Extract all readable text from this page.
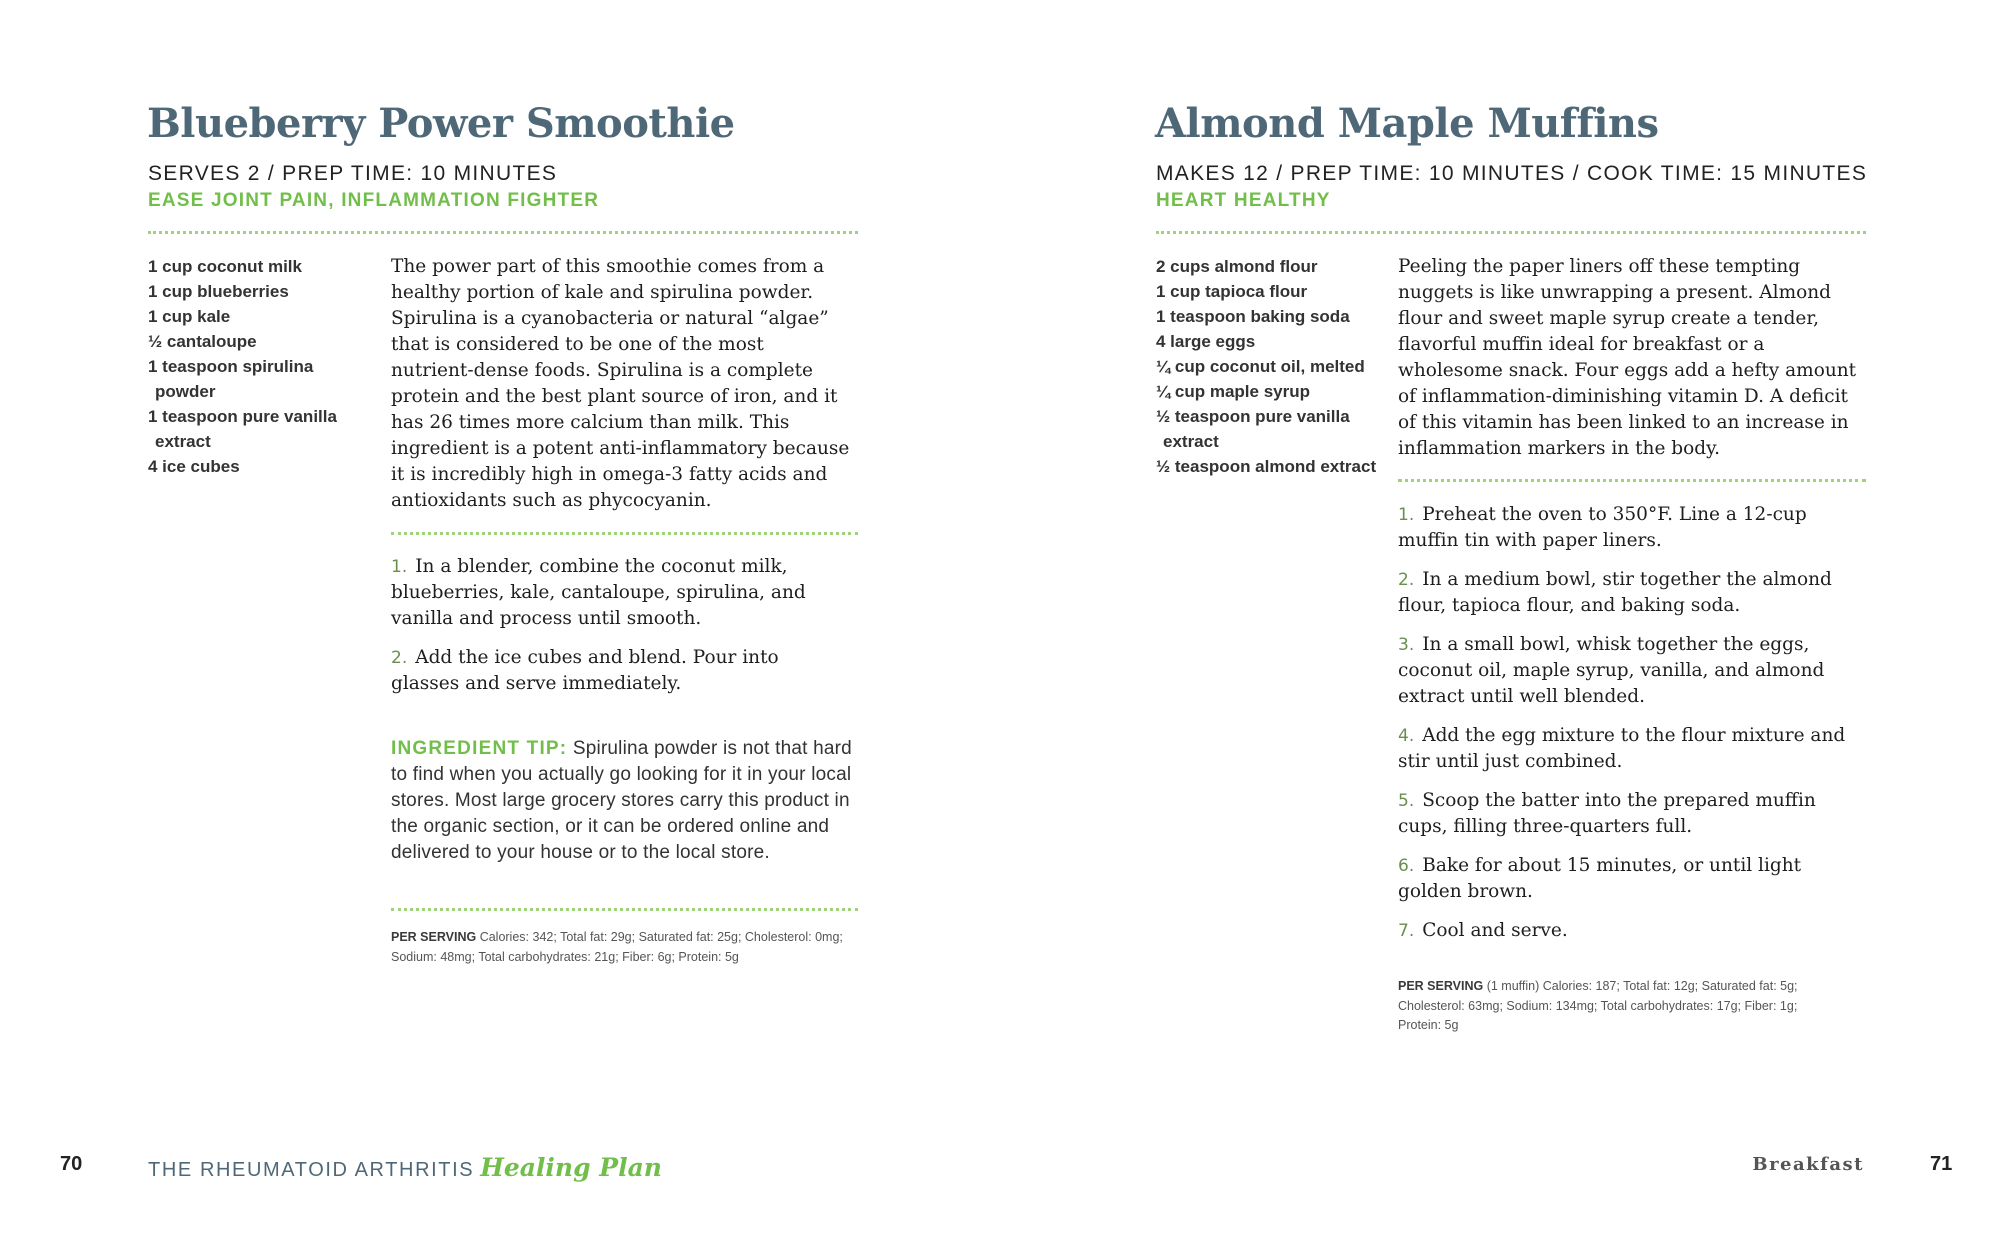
Blueberry Power Smoothie
SERVES 2 / PREP TIME: 10 MINUTES
EASE JOINT PAIN, INFLAMMATION FIGHTER
1 cup coconut milk
1 cup blueberries
1 cup kale
½ cantaloupe
1 teaspoon spirulina powder
1 teaspoon pure vanilla extract
4 ice cubes

The power part of this smoothie comes from a healthy portion of kale and spirulina powder. Spirulina is a cyanobacteria or natural “algae” that is considered to be one of the most nutrient-dense foods. Spirulina is a complete protein and the best plant source of iron, and it has 26 times more calcium than milk. This ingredient is a potent anti-inflammatory because it is incredibly high in omega-3 fatty acids and antioxidants such as phycocyanin.

1. In a blender, combine the coconut milk, blueberries, kale, cantaloupe, spirulina, and vanilla and process until smooth.
2. Add the ice cubes and blend. Pour into glasses and serve immediately.

INGREDIENT TIP: Spirulina powder is not that hard to find when you actually go looking for it in your local stores. Most large grocery stores carry this product in the organic section, or it can be ordered online and delivered to your house or to the local store.

PER SERVING Calories: 342; Total fat: 29g; Saturated fat: 25g; Cholesterol: 0mg; Sodium: 48mg; Total carbohydrates: 21g; Fiber: 6g; Protein: 5g

70	THE RHEUMATOID ARTHRITIS Healing Plan
Almond Maple Muffins
MAKES 12 / PREP TIME: 10 MINUTES / COOK TIME: 15 MINUTES
HEART HEALTHY
2 cups almond flour
1 cup tapioca flour
1 teaspoon baking soda
4 large eggs
¼ cup coconut oil, melted
¼ cup maple syrup
½ teaspoon pure vanilla extract
½ teaspoon almond extract

Peeling the paper liners off these tempting nuggets is like unwrapping a present. Almond flour and sweet maple syrup create a tender, flavorful muffin ideal for breakfast or a wholesome snack. Four eggs add a hefty amount of inflammation-diminishing vitamin D. A deficit of this vitamin has been linked to an increase in inflammation markers in the body.

1. Preheat the oven to 350°F. Line a 12-cup muffin tin with paper liners.
2. In a medium bowl, stir together the almond flour, tapioca flour, and baking soda.
3. In a small bowl, whisk together the eggs, coconut oil, maple syrup, vanilla, and almond extract until well blended.
4. Add the egg mixture to the flour mixture and stir until just combined.
5. Scoop the batter into the prepared muffin cups, filling three-quarters full.
6. Bake for about 15 minutes, or until light golden brown.
7. Cool and serve.

PER SERVING (1 muffin) Calories: 187; Total fat: 12g; Saturated fat: 5g; Cholesterol: 63mg; Sodium: 134mg; Total carbohydrates: 17g; Fiber: 1g; Protein: 5g

Breakfast	71
